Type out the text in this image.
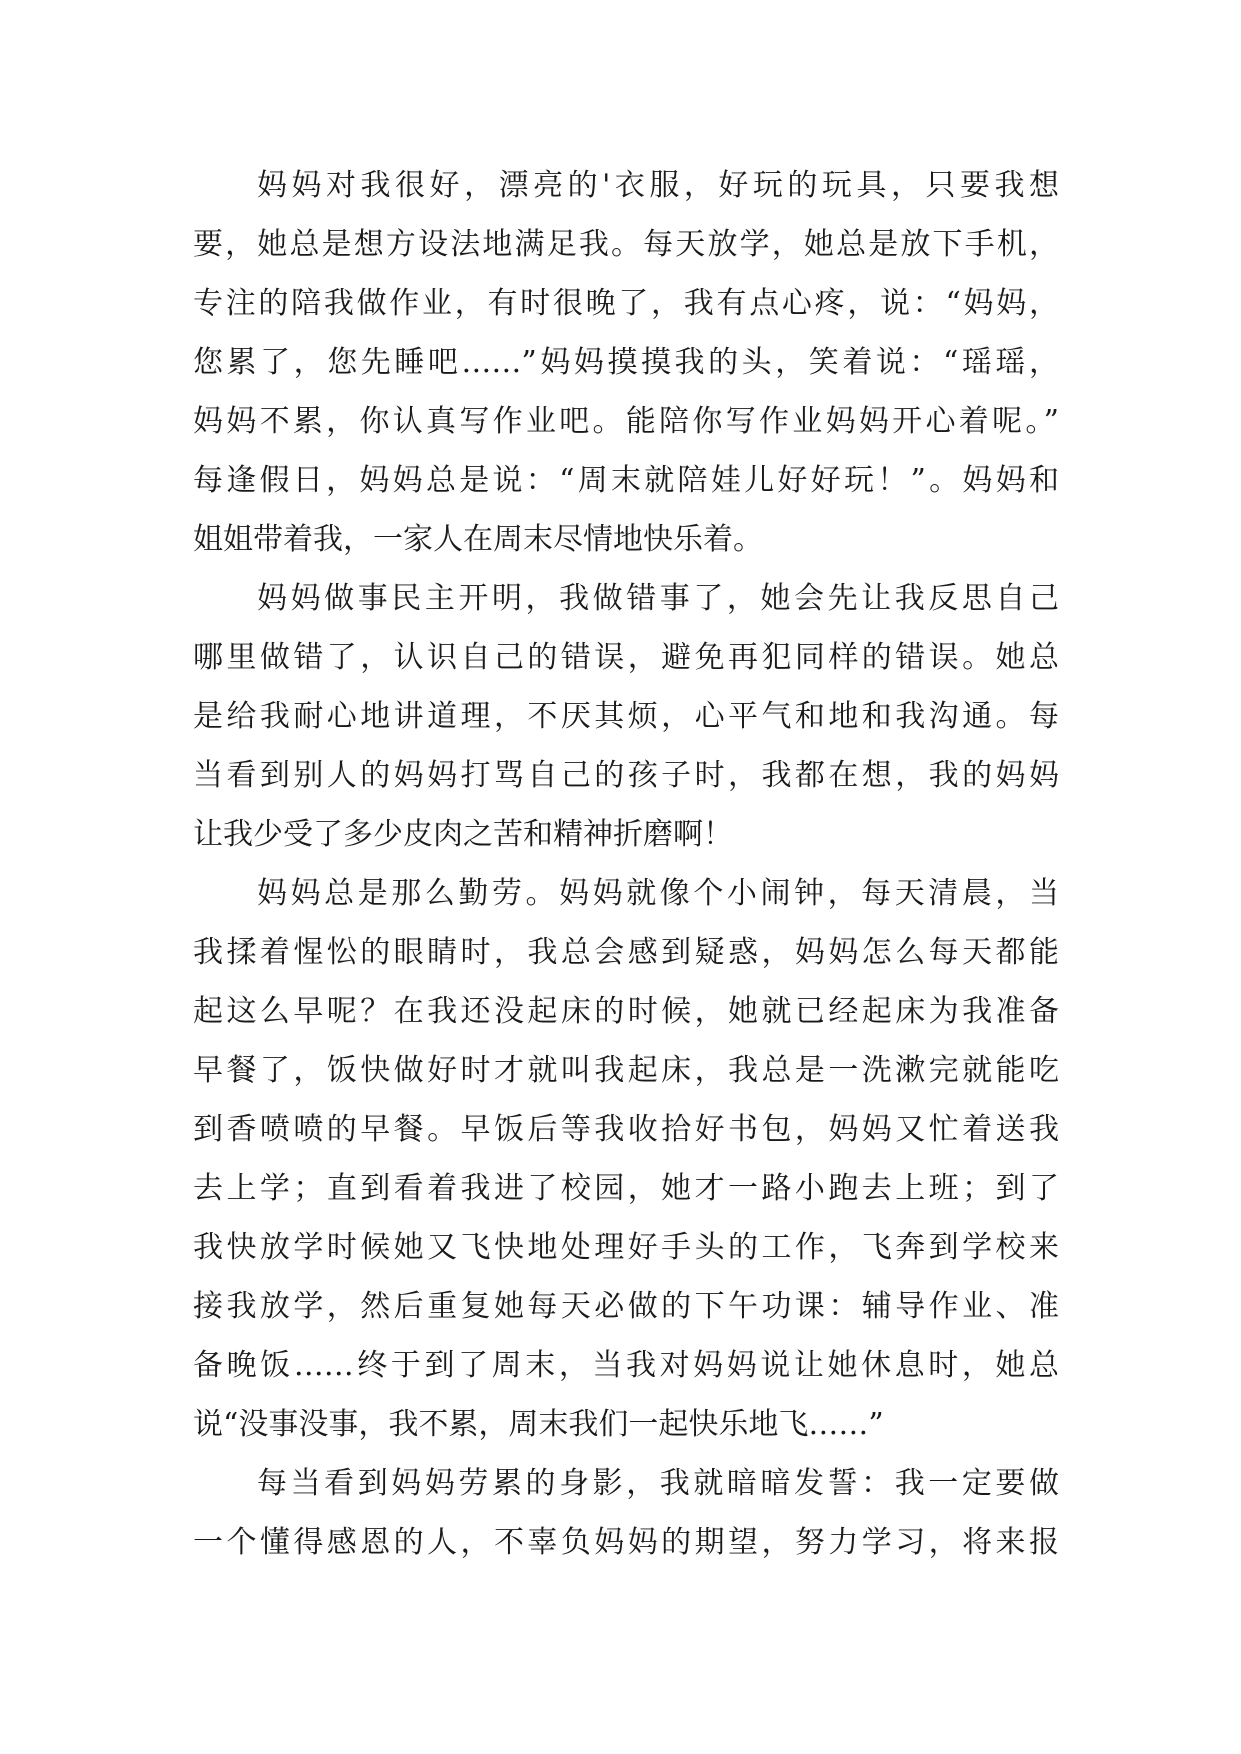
妈妈对我很好，漂亮的'衣服，好玩的玩具，只要我想
要，她总是想方设法地满足我。每天放学，她总是放下手机，
专注的陪我做作业，有时很晚了，我有点心疼，说：“妈妈，
您累了，您先睡吧……”妈妈摸摸我的头，笑着说：“瑶瑶，
妈妈不累，你认真写作业吧。能陪你写作业妈妈开心着呢。”
每逢假日，妈妈总是说：“周末就陪娃儿好好玩！”。妈妈和
姐姐带着我，一家人在周末尽情地快乐着。
妈妈做事民主开明，我做错事了，她会先让我反思自己
哪里做错了，认识自己的错误，避免再犯同样的错误。她总
是给我耐心地讲道理，不厌其烦，心平气和地和我沟通。每
当看到别人的妈妈打骂自己的孩子时，我都在想，我的妈妈
让我少受了多少皮肉之苦和精神折磨啊！
妈妈总是那么勤劳。妈妈就像个小闹钟，每天清晨，当
我揉着惺忪的眼睛时，我总会感到疑惑，妈妈怎么每天都能
起这么早呢？在我还没起床的时候，她就已经起床为我准备
早餐了，饭快做好时才就叫我起床，我总是一洗漱完就能吃
到香喷喷的早餐。早饭后等我收拾好书包，妈妈又忙着送我
去上学；直到看着我进了校园，她才一路小跑去上班；到了
我快放学时候她又飞快地处理好手头的工作，飞奔到学校来
接我放学，然后重复她每天必做的下午功课：辅导作业、准
备晚饭……终于到了周末，当我对妈妈说让她休息时，她总
说“没事没事，我不累，周末我们一起快乐地飞……”
每当看到妈妈劳累的身影，我就暗暗发誓：我一定要做
一个懂得感恩的人，不辜负妈妈的期望，努力学习，将来报
